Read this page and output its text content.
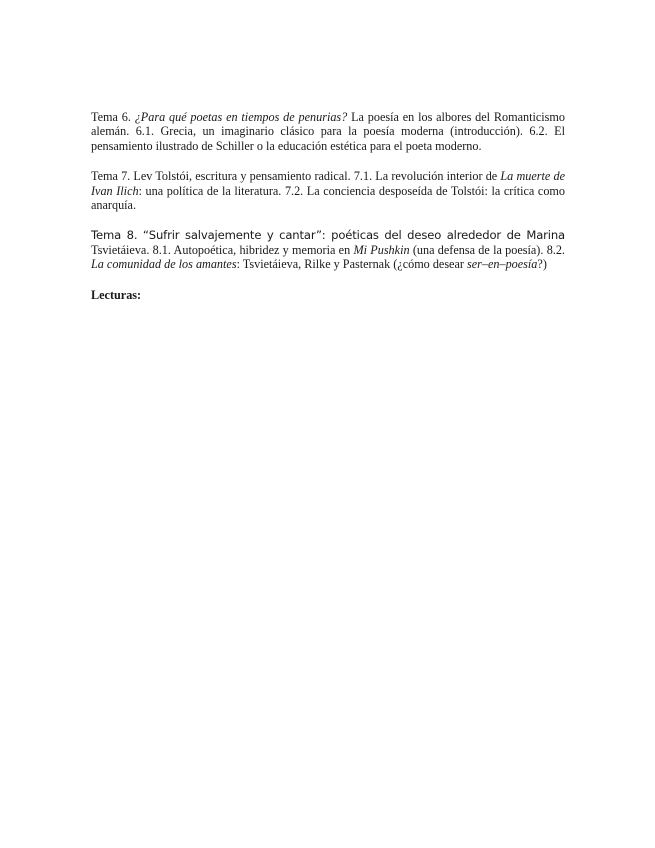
Tema 6. ¿Para qué poetas en tiempos de penurias? La poesía en los albores del Romanticismo alemán. 6.1. Grecia, un imaginario clásico para la poesía moderna (introducción). 6.2. El pensamiento ilustrado de Schiller o la educación estética para el poeta moderno.

Tema 7. Lev Tolstói, escritura y pensamiento radical. 7.1. La revolución interior de La muerte de Ivan Ilich: una política de la literatura. 7.2. La conciencia desposeída de Tolstói: la crítica como anarquía.

Tema 8. “Sufrir salvajemente y cantar”: poéticas del deseo alrededor de Marina Tsvietáieva. 8.1. Autopoética, hibridez y memoria en Mi Pushkin (una defensa de la poesía). 8.2. La comunidad de los amantes: Tsvietáieva, Rilke y Pasternak (¿cómo desear ser–en–poesía?)

Lecturas:
